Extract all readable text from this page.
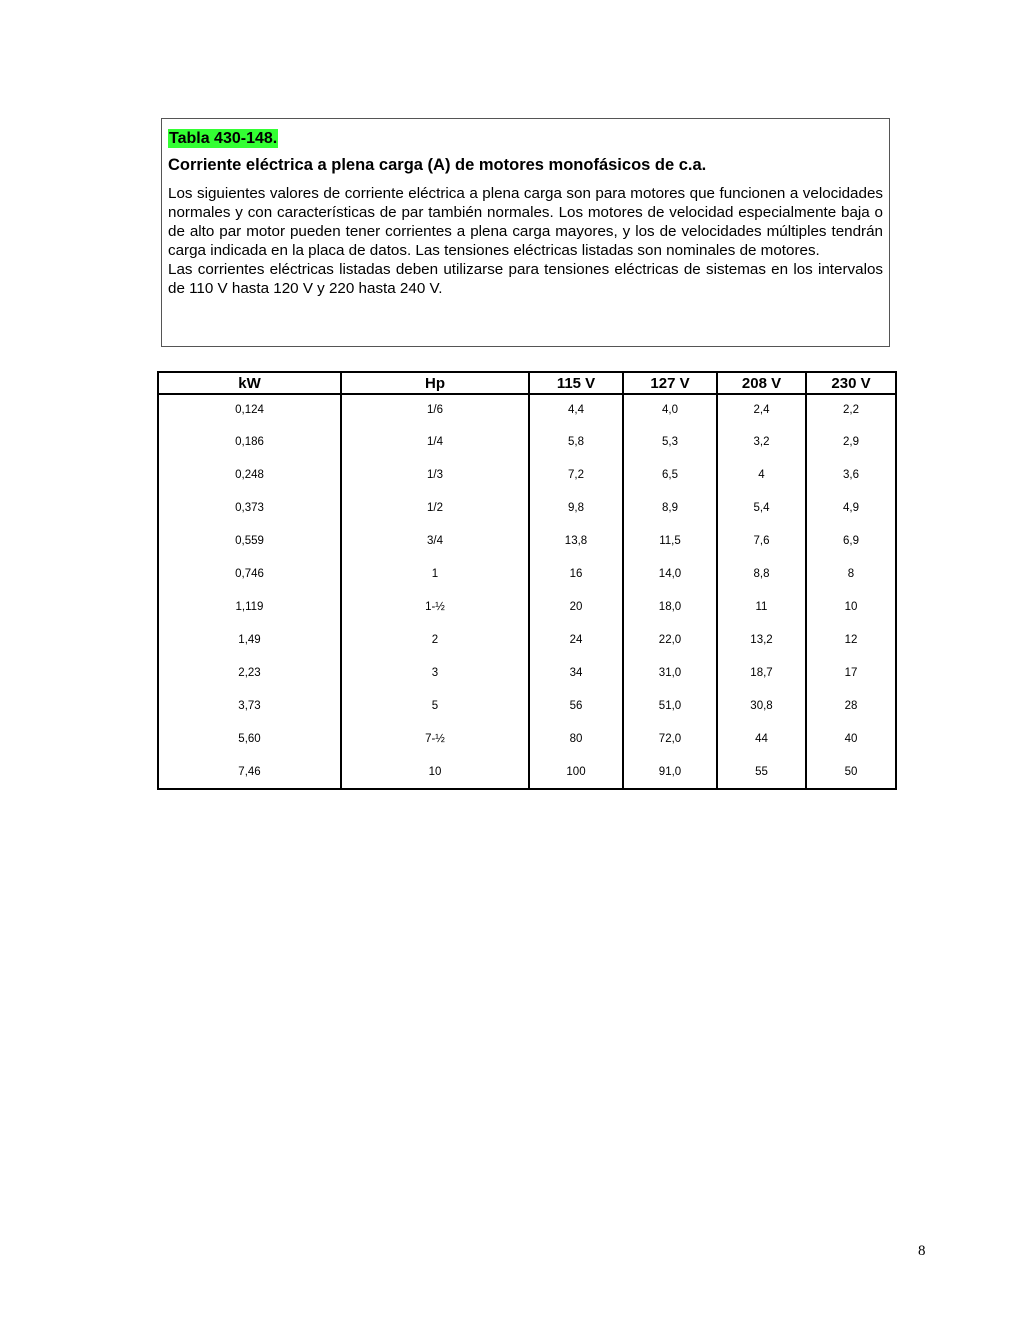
Tabla 430-148.
Corriente eléctrica a plena carga (A) de motores monofásicos de c.a.

Los siguientes valores de corriente eléctrica a plena carga son para motores que funcionen a velocidades normales y con características de par también normales. Los motores de velocidad especialmente baja o de alto par motor pueden tener corrientes a plena carga mayores, y los de velocidades múltiples tendrán carga indicada en la placa de datos. Las tensiones eléctricas listadas son nominales de motores.

Las corrientes eléctricas listadas deben utilizarse para tensiones eléctricas de sistemas en los intervalos de 110 V hasta 120 V y 220 hasta 240 V.

kW	Hp	115 V	127 V	208 V	230 V
0,124	1/6	4,4	4,0	2,4	2,2
0,186	1/4	5,8	5,3	3,2	2,9
0,248	1/3	7,2	6,5	4	3,6
0,373	1/2	9,8	8,9	5,4	4,9
0,559	3/4	13,8	11,5	7,6	6,9
0,746	1	16	14,0	8,8	8
1,119	1-½	20	18,0	11	10
1,49	2	24	22,0	13,2	12
2,23	3	34	31,0	18,7	17
3,73	5	56	51,0	30,8	28
5,60	7-½	80	72,0	44	40
7,46	10	100	91,0	55	50
8
